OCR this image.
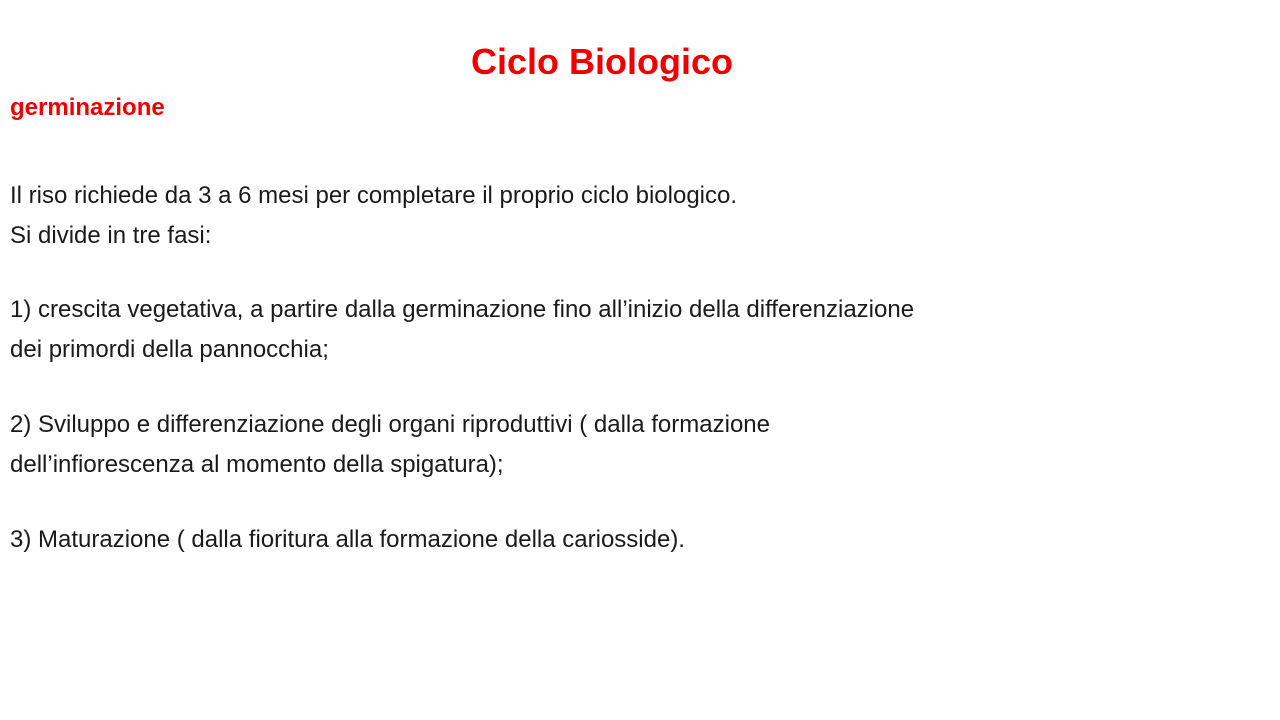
Ciclo Biologico
germinazione
Il riso richiede da 3 a 6 mesi per completare il proprio ciclo biologico.
Si divide in tre fasi:
1) crescita vegetativa, a partire dalla germinazione fino all’inizio della differenziazione
dei primordi della pannocchia;
2) Sviluppo e differenziazione degli organi riproduttivi ( dalla formazione
dell’infiorescenza al momento della spigatura);
3) Maturazione ( dalla fioritura alla formazione della cariosside).
